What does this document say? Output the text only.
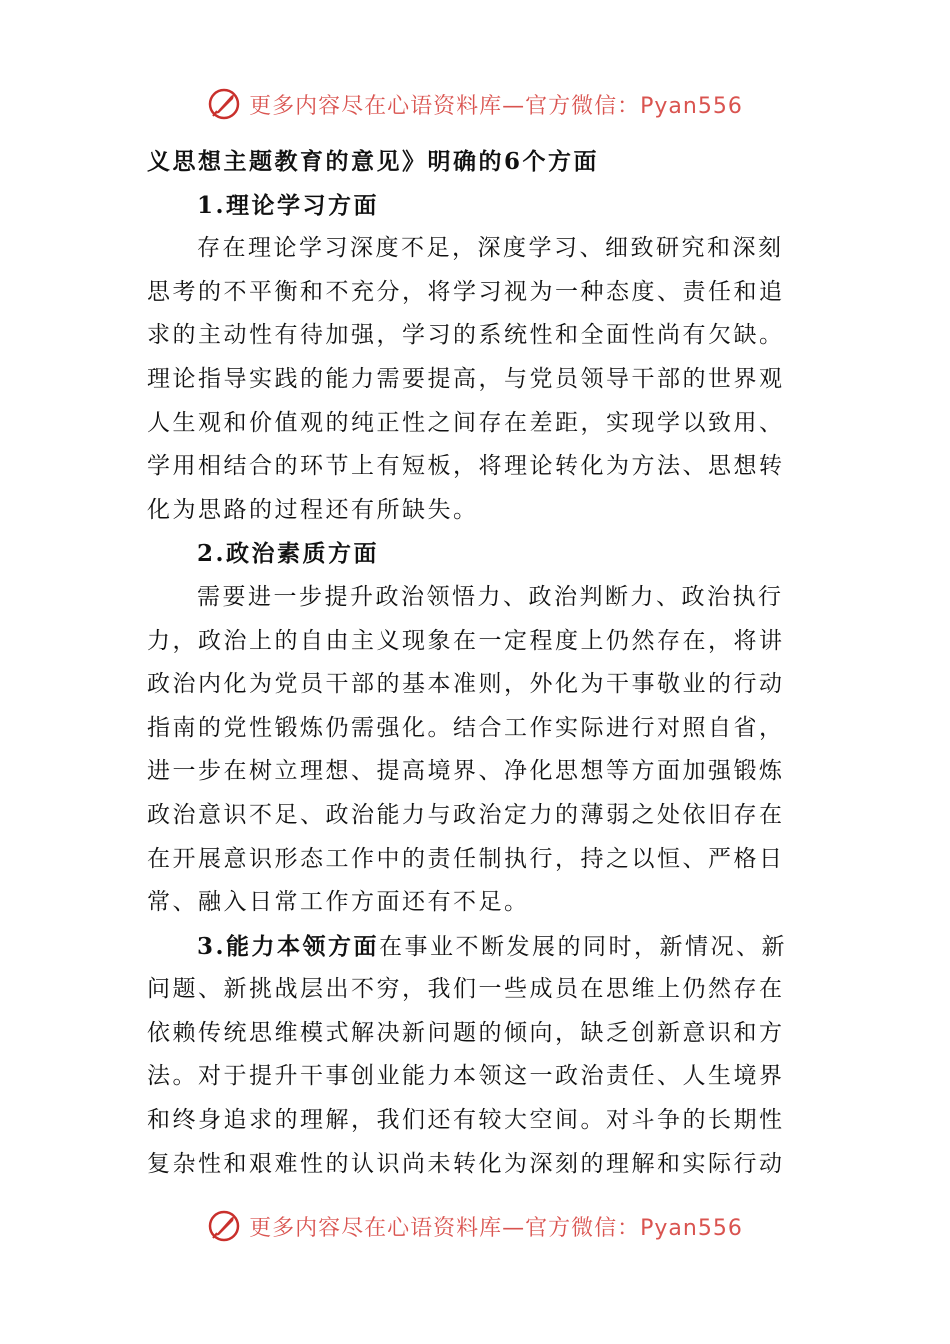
更多内容尽在心语资料库—官方微信：Pyan556
义思想主题教育的意见》明确的6个方面
1.理论学习方面
存在理论学习深度不足，深度学习、细致研究和深刻
思考的不平衡和不充分，将学习视为一种态度、责任和追
求的主动性有待加强，学习的系统性和全面性尚有欠缺。
理论指导实践的能力需要提高，与党员领导干部的世界观
人生观和价值观的纯正性之间存在差距，实现学以致用、
学用相结合的环节上有短板，将理论转化为方法、思想转
化为思路的过程还有所缺失。
2.政治素质方面
需要进一步提升政治领悟力、政治判断力、政治执行
力，政治上的自由主义现象在一定程度上仍然存在，将讲
政治内化为党员干部的基本准则，外化为干事敬业的行动
指南的党性锻炼仍需强化。结合工作实际进行对照自省，
进一步在树立理想、提高境界、净化思想等方面加强锻炼
政治意识不足、政治能力与政治定力的薄弱之处依旧存在
在开展意识形态工作中的责任制执行，持之以恒、严格日
常、融入日常工作方面还有不足。
3.能力本领方面在事业不断发展的同时，新情况、新
问题、新挑战层出不穷，我们一些成员在思维上仍然存在
依赖传统思维模式解决新问题的倾向，缺乏创新意识和方
法。对于提升干事创业能力本领这一政治责任、人生境界
和终身追求的理解，我们还有较大空间。对斗争的长期性
复杂性和艰难性的认识尚未转化为深刻的理解和实际行动
更多内容尽在心语资料库—官方微信：Pyan556
